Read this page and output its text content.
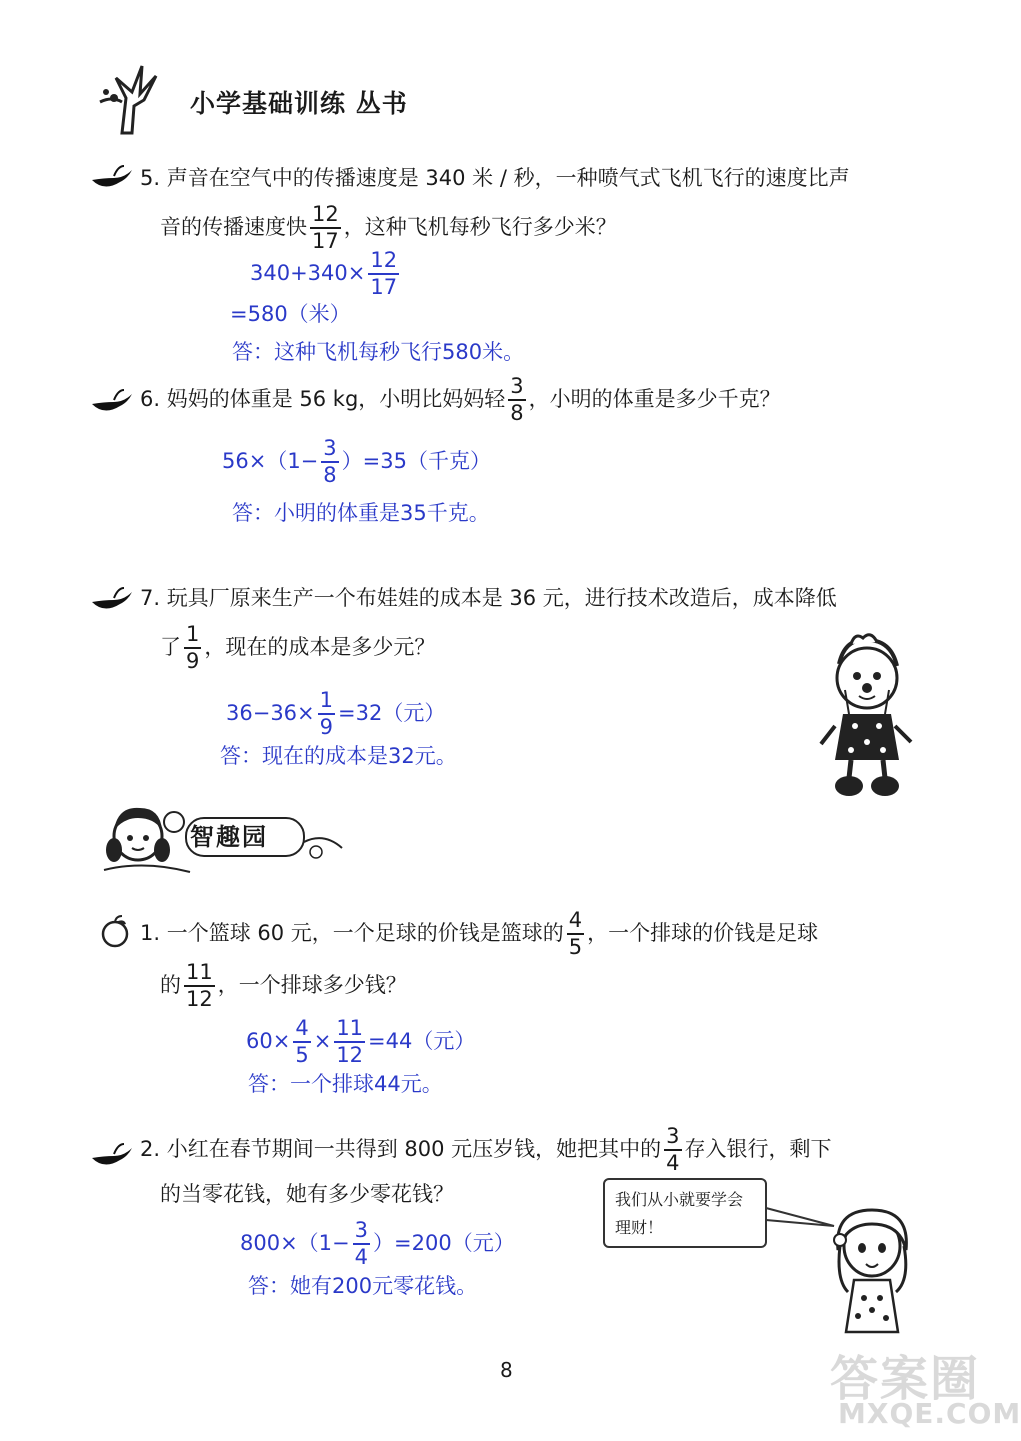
小学基础训练 丛书
5. 声音在空气中的传播速度是 340 米 / 秒，一种喷气式飞机飞行的速度比声
音的传播速度快 $\frac{12}{17}$ ，这种飞机每秒飞行多少米？
$340+340\times \frac{12}{17}$
=580（米）
答：这种飞机每秒飞行580米。
6. 妈妈的体重是 56 kg，小明比妈妈轻 $\frac{3}{8}$ ，小明的体重是多少千克？
$56\times(1- \frac{3}{8} )=35$（千克）
答：小明的体重是35千克。
7. 玩具厂原来生产一个布娃娃的成本是 36 元，进行技术改造后，成本降低
了 $\frac{1}{9}$ ，现在的成本是多少元？
$36-36\times \frac{1}{9} =32$（元）
答：现在的成本是32元。
智趣园
1. 一个篮球 60 元，一个足球的价钱是篮球的 $\frac{4}{5}$ ，一个排球的价钱是足球
的 $\frac{11}{12}$ ，一个排球多少钱？
$60\times \frac{4}{5} \times \frac{11}{12} =44$（元）
答：一个排球44元。
2. 小红在春节期间一共得到 800 元压岁钱，她把其中的 $\frac{3}{4}$ 存入银行，剩下
的当零花钱，她有多少零花钱？
$800\times(1- \frac{3}{4} )=200$（元）
答：她有200元零花钱。
我们从小就要学会理财！
8	答案圈
MXQE.COM
